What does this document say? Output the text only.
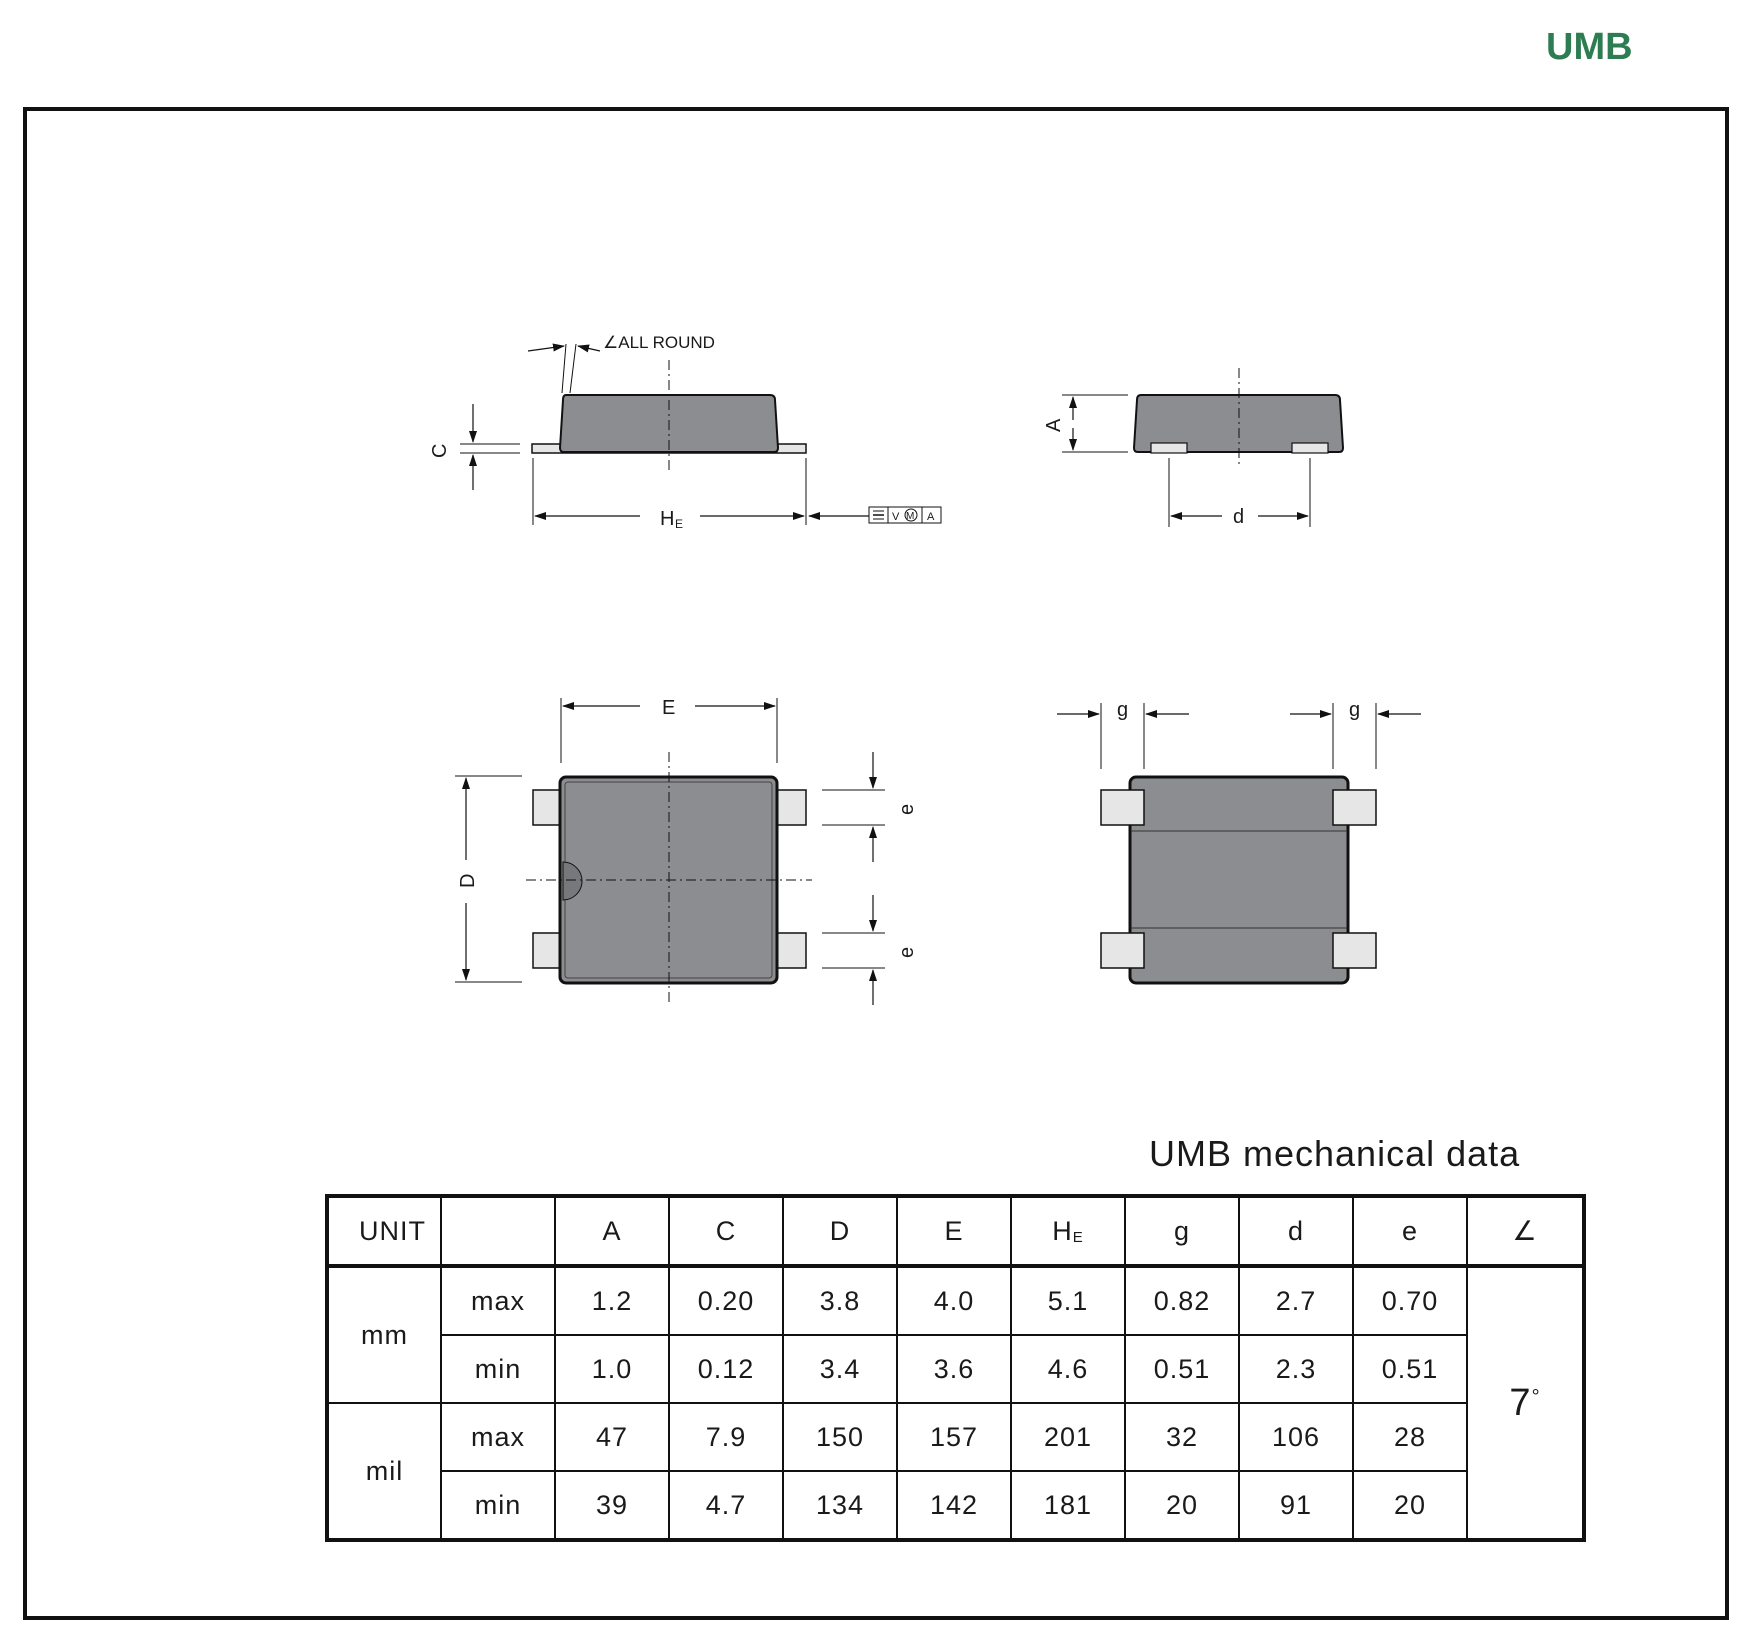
UMB
∠ALL ROUND
C
H E	V M A
A
d
E
D
e
e
g	g
UMB mechanical data
UNIT		A	C	D	E	$H_E$	g	d	e	∠
mm	max	1.2	0.20	3.8	4.0	5.1	0.82	2.7	0.70	7°
	min	1.0	0.12	3.4	3.6	4.6	0.51	2.3	0.51	
mil	max	47	7.9	150	157	201	32	106	28	
	min	39	4.7	134	142	181	20	91	20	
